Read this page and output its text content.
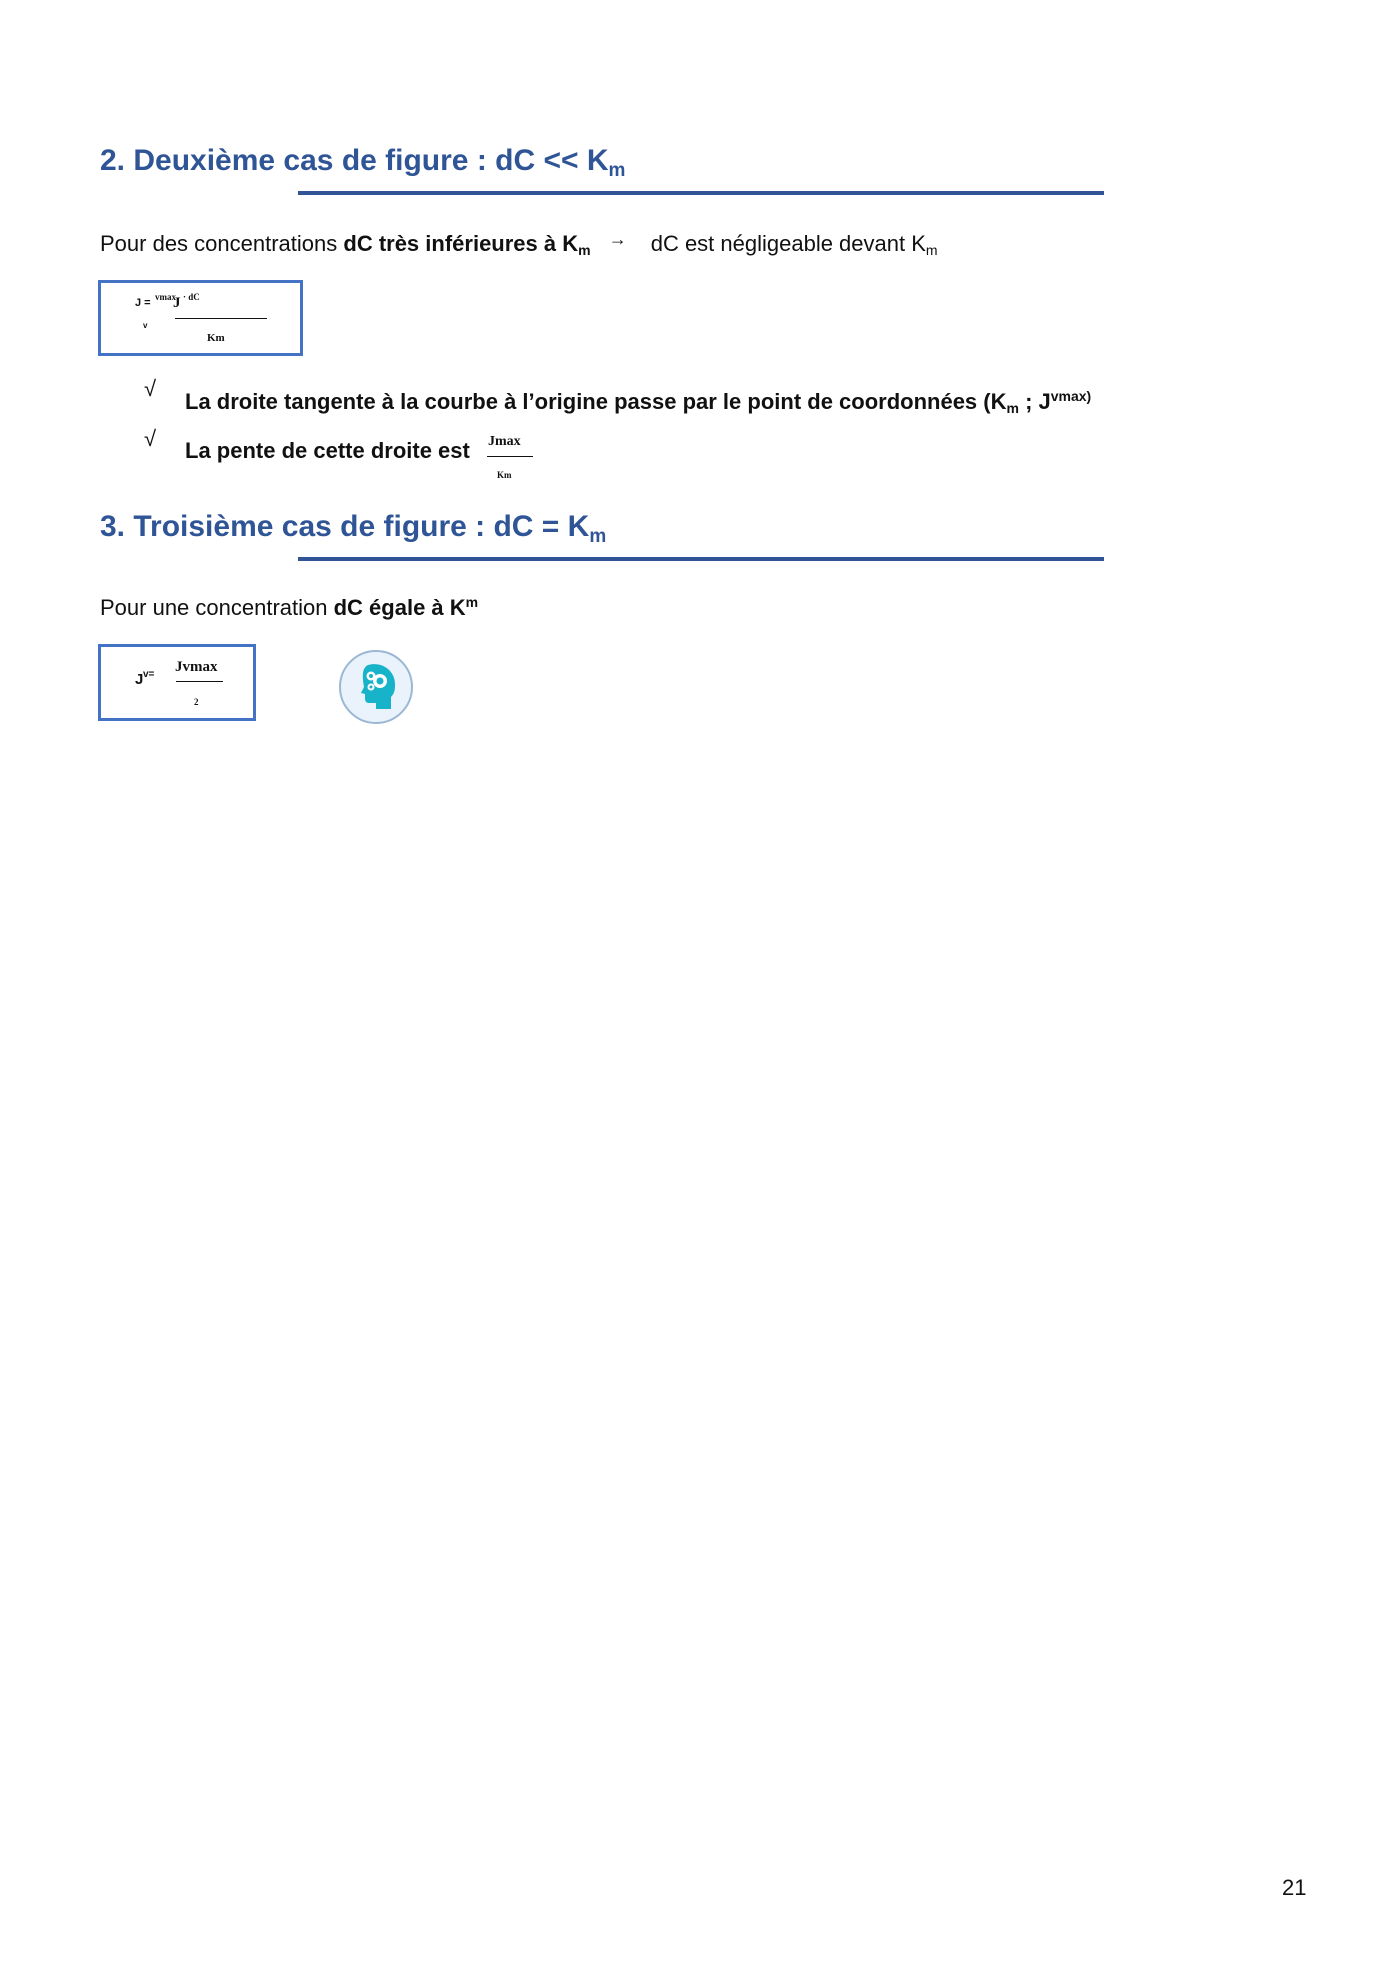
2. Deuxième cas de figure : dC << $K_m$
Pour des concentrations dC très inférieures à $K_m$ → dC est négligeable devant $K_m$
J =
v
vmax · dC
J
Km
√
La droite tangente à la courbe à l’origine passe par le point de coordonnées ($K_m$ ; $J^{vmax)}$
√ La pente de cette droite est Jmax
Km
3. Troisième cas de figure : dC = $K_m$
Pour une concentration dC égale à $K^m$
J v= Jvmax
2
21
